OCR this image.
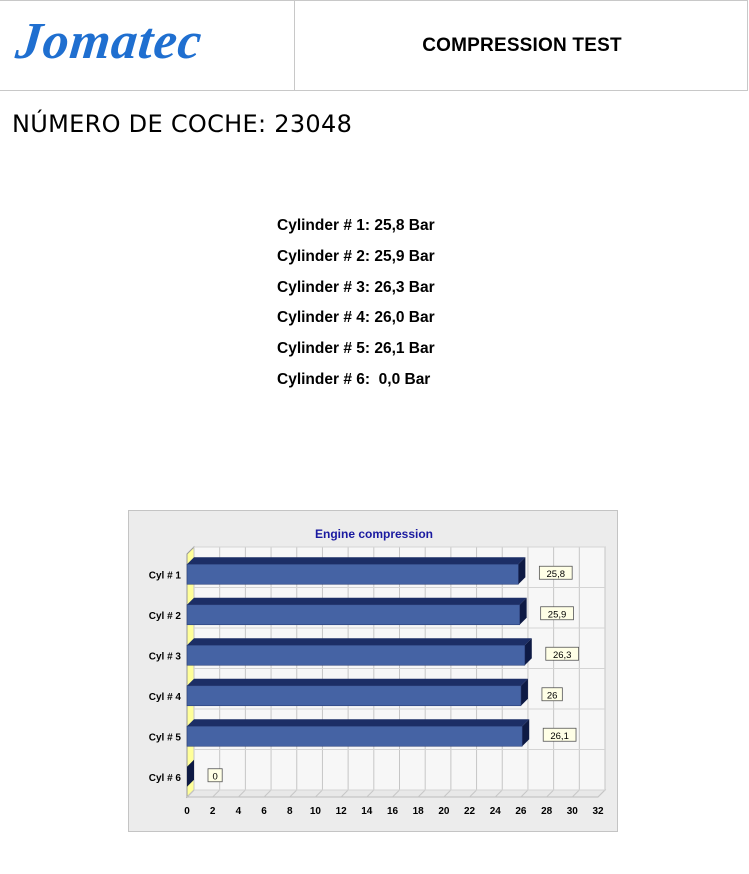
Jomatec	COMPRESSION TEST
NÚMERO DE COCHE: 23048
Cylinder # 1: 25,8 Bar
Cylinder # 2: 25,9 Bar
Cylinder # 3: 26,3 Bar
Cylinder # 4: 26,0 Bar
Cylinder # 5: 26,1 Bar
Cylinder # 6:  0,0 Bar
Engine compression
0 2 4 6 8 10 12 14 16 18 20 22 24 26 28 30 32
Cyl # 1	25,8
Cyl # 2	25,9
Cyl # 3	26,3
Cyl # 4	26
Cyl # 5	26,1
Cyl # 6	0
